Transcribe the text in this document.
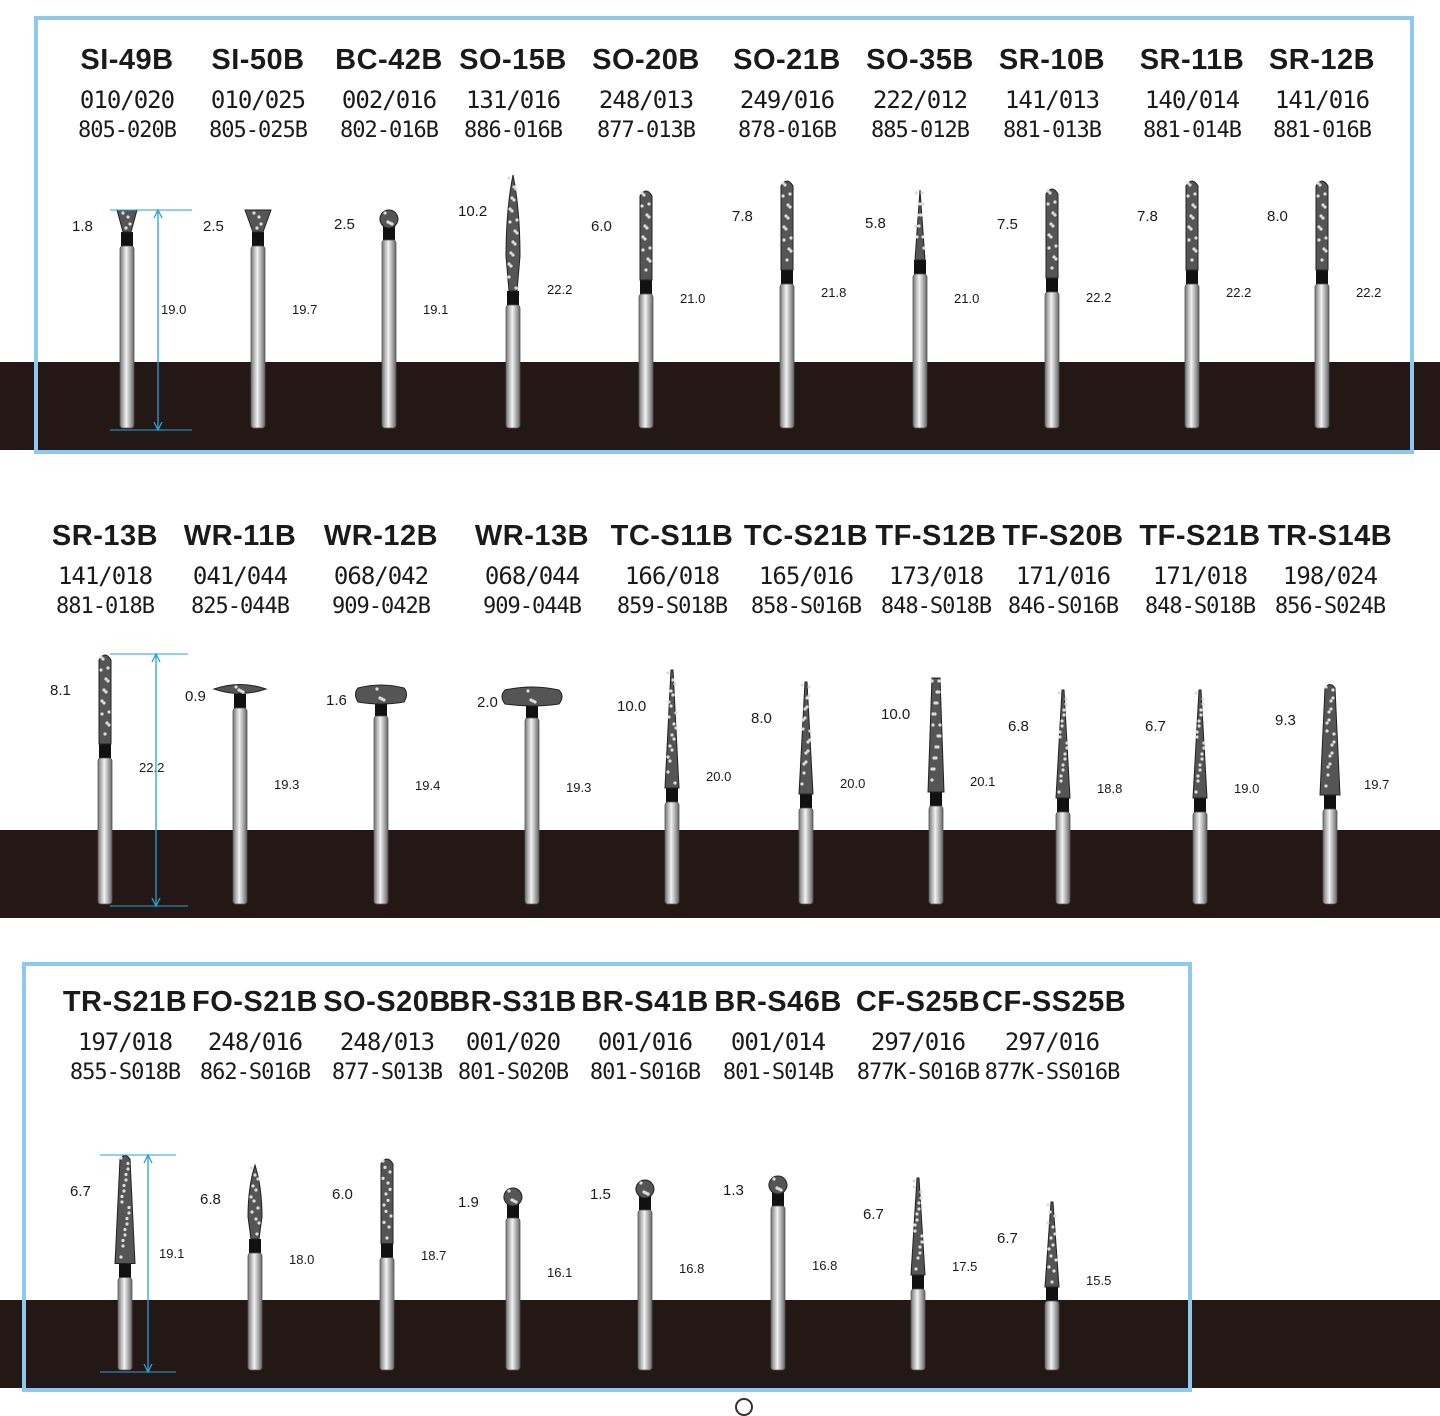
SI-49B
010/020
805-020B
SI-50B
010/025
805-025B
BC-42B
002/016
802-016B
SO-15B
131/016
886-016B
SO-20B
248/013
877-013B
SO-21B
249/016
878-016B
SO-35B
222/012
885-012B
SR-10B
141/013
881-013B
SR-11B
140/014
881-014B
SR-12B
141/016
881-016B
SR-13B
141/018
881-018B
WR-11B
041/044
825-044B
WR-12B
068/042
909-042B
WR-13B
068/044
909-044B
TC-S11B
166/018
859-S018B
TC-S21B
165/016
858-S016B
TF-S12B
173/018
848-S018B
TF-S20B
171/016
846-S016B
TF-S21B
171/018
848-S018B
TR-S14B
198/024
856-S024B
TR-S21B
197/018
855-S018B
FO-S21B
248/016
862-S016B
SO-S20B
248/013
877-S013B
BR-S31B
001/020
801-S020B
BR-S41B
001/016
801-S016B
BR-S46B
001/014
801-S014B
CF-S25B
297/016
877K-S016B
CF-SS25B
297/016
877K-SS016B
21.8
1.8
19.0
2.5
19.7
2.5
19.1
10.2
22.2
6.0
21.0
7.8
21.8
5.8
21.0
7.5
22.2
7.8
22.2
8.0
22.2
8.1
22.2
0.9
19.3
1.6
19.4
2.0
19.3
10.0
20.0
8.0
20.0
10.0
20.1
6.8
18.8
6.7
19.0
9.3
19.7
6.7
19.1
6.8
18.0
6.0
18.7
1.9
16.1
1.5
16.8
1.3
16.8
6.7
17.5
6.7
15.5
